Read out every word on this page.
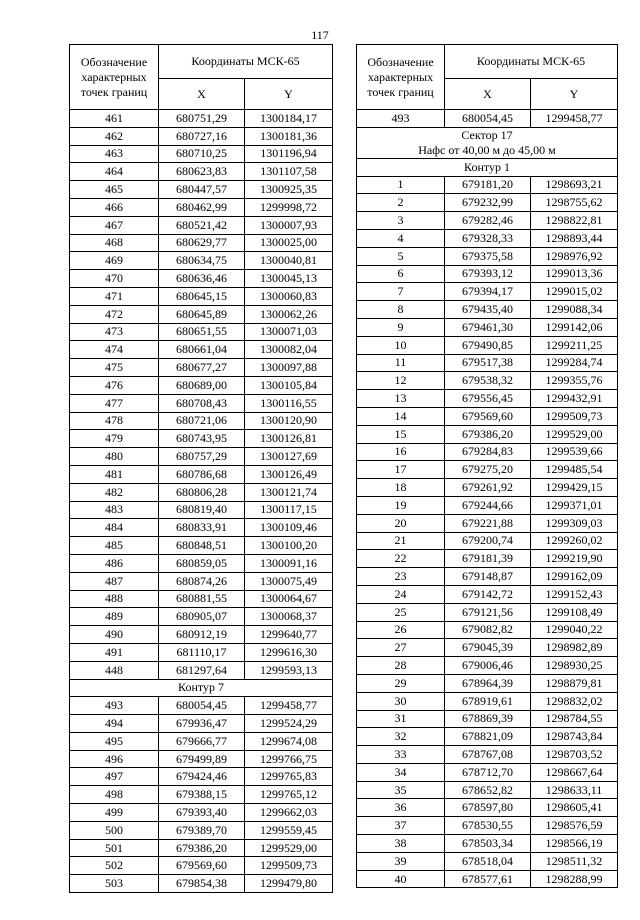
117
Обозначение характерных точек границ	Координаты МСК-65	
	X	Y
461	680751,29	1300184,17
462	680727,16	1300181,36
463	680710,25	1301196,94
464	680623,83	1301107,58
465	680447,57	1300925,35
466	680462,99	1299998,72
467	680521,42	1300007,93
468	680629,77	1300025,00
469	680634,75	1300040,81
470	680636,46	1300045,13
471	680645,15	1300060,83
472	680645,89	1300062,26
473	680651,55	1300071,03
474	680661,04	1300082,04
475	680677,27	1300097,88
476	680689,00	1300105,84
477	680708,43	1300116,55
478	680721,06	1300120,90
479	680743,95	1300126,81
480	680757,29	1300127,69
481	680786,68	1300126,49
482	680806,28	1300121,74
483	680819,40	1300117,15
484	680833,91	1300109,46
485	680848,51	1300100,20
486	680859,05	1300091,16
487	680874,26	1300075,49
488	680881,55	1300064,67
489	680905,07	1300068,37
490	680912,19	1299640,77
491	681110,17	1299616,30
448	681297,64	1299593,13
Контур 7		
493	680054,45	1299458,77
494	679936,47	1299524,29
495	679666,77	1299674,08
496	679499,89	1299766,75
497	679424,46	1299765,83
498	679388,15	1299765,12
499	679393,40	1299662,03
500	679389,70	1299559,45
501	679386,20	1299529,00
502	679569,60	1299509,73
503	679854,38	1299479,80
Обозначение характерных точек границ	Координаты МСК-65	
	X	Y
493	680054,45	1299458,77

Сектор 17
Нафс от 40,00 м до 45,00 м		

Контур 1		
1	679181,20	1298693,21
2	679232,99	1298755,62
3	679282,46	1298822,81
4	679328,33	1298893,44
5	679375,58	1298976,92
6	679393,12	1299013,36
7	679394,17	1299015,02
8	679435,40	1299088,34
9	679461,30	1299142,06
10	679490,85	1299211,25
11	679517,38	1299284,74
12	679538,32	1299355,76
13	679556,45	1299432,91
14	679569,60	1299509,73
15	679386,20	1299529,00
16	679284,83	1299539,66
17	679275,20	1299485,54
18	679261,92	1299429,15
19	679244,66	1299371,01
20	679221,88	1299309,03
21	679200,74	1299260,02
22	679181,39	1299219,90
23	679148,87	1299162,09
24	679142,72	1299152,43
25	679121,56	1299108,49
26	679082,82	1299040,22
27	679045,39	1298982,89
28	679006,46	1298930,25
29	678964,39	1298879,81
30	678919,61	1298832,02
31	678869,39	1298784,55
32	678821,09	1298743,84
33	678767,08	1298703,52
34	678712,70	1298667,64
35	678652,82	1298633,11
36	678597,80	1298605,41
37	678530,55	1298576,59
38	678503,34	1298566,19
39	678518,04	1298511,32
40	678577,61	1298288,99
